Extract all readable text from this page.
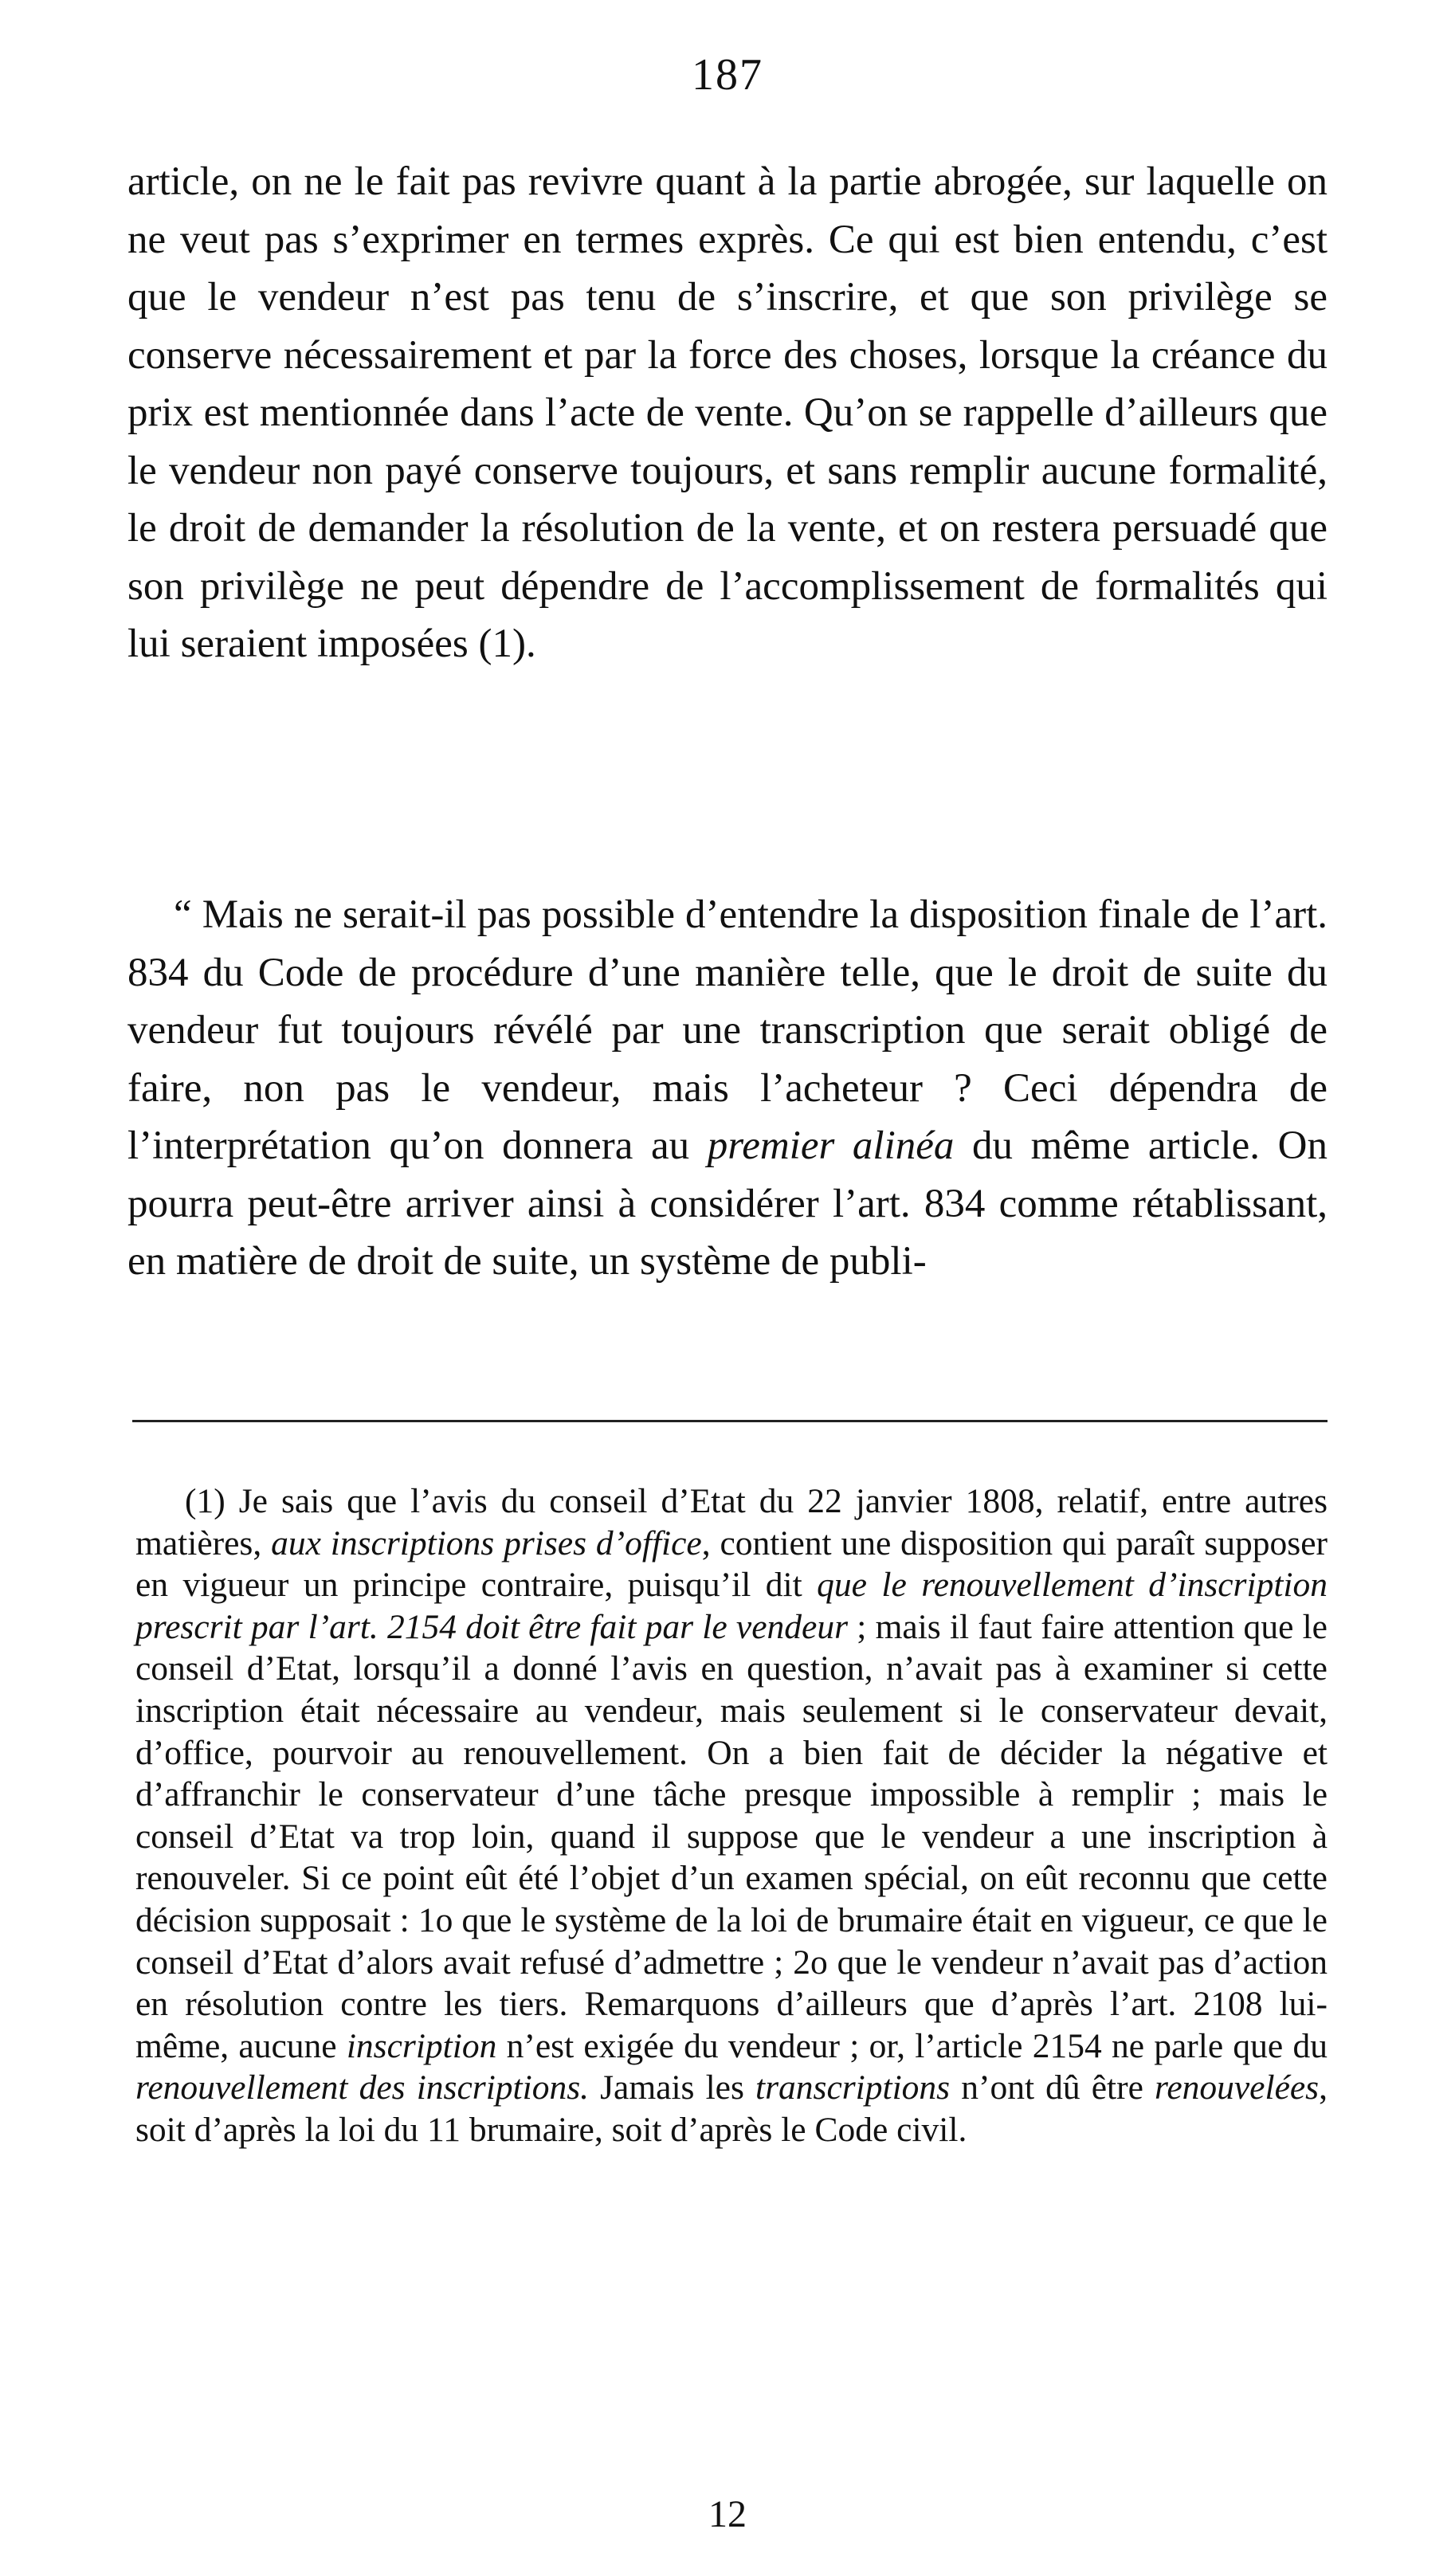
187
article, on ne le fait pas revivre quant à la partie abrogée, sur laquelle on ne veut pas s’exprimer en termes exprès. Ce qui est bien entendu, c’est que le vendeur n’est pas tenu de s’inscrire, et que son privilège se conserve nécessairement et par la force des choses, lorsque la créance du prix est mentionnée dans l’acte de vente. Qu’on se rappelle d’ailleurs que le vendeur non payé conserve toujours, et sans remplir aucune formalité, le droit de demander la résolution de la vente, et on restera persuadé que son privilège ne peut dépendre de l’accomplissement de formalités qui lui seraient imposées (1).
“ Mais ne serait-il pas possible d’entendre la disposition finale de l’art. 834 du Code de procédure d’une manière telle, que le droit de suite du vendeur fut toujours révélé par une transcription que serait obligé de faire, non pas le vendeur, mais l’acheteur ? Ceci dépendra de l’interprétation qu’on donnera au premier alinéa du même article. On pourra peut-être arriver ainsi à considérer l’art. 834 comme rétablissant, en matière de droit de suite, un système de publi-
(1) Je sais que l’avis du conseil d’Etat du 22 janvier 1808, relatif, entre autres matières, aux inscriptions prises d’office, contient une disposition qui paraît supposer en vigueur un principe contraire, puisqu’il dit que le renouvellement d’inscription prescrit par l’art. 2154 doit être fait par le vendeur ; mais il faut faire attention que le conseil d’Etat, lorsqu’il a donné l’avis en question, n’avait pas à examiner si cette inscription était nécessaire au vendeur, mais seulement si le conservateur devait, d’office, pourvoir au renouvellement. On a bien fait de décider la négative et d’affranchir le conservateur d’une tâche presque impossible à remplir ; mais le conseil d’Etat va trop loin, quand il suppose que le vendeur a une inscription à renouveler. Si ce point eût été l’objet d’un examen spécial, on eût reconnu que cette décision supposait : 1o que le système de la loi de brumaire était en vigueur, ce que le conseil d’Etat d’alors avait refusé d’admettre ; 2o que le vendeur n’avait pas d’action en résolution contre les tiers. Remarquons d’ailleurs que d’après l’art. 2108 lui-même, aucune inscription n’est exigée du vendeur ; or, l’article 2154 ne parle que du renouvellement des inscriptions. Jamais les transcriptions n’ont dû être renouvelées, soit d’après la loi du 11 brumaire, soit d’après le Code civil.
12
